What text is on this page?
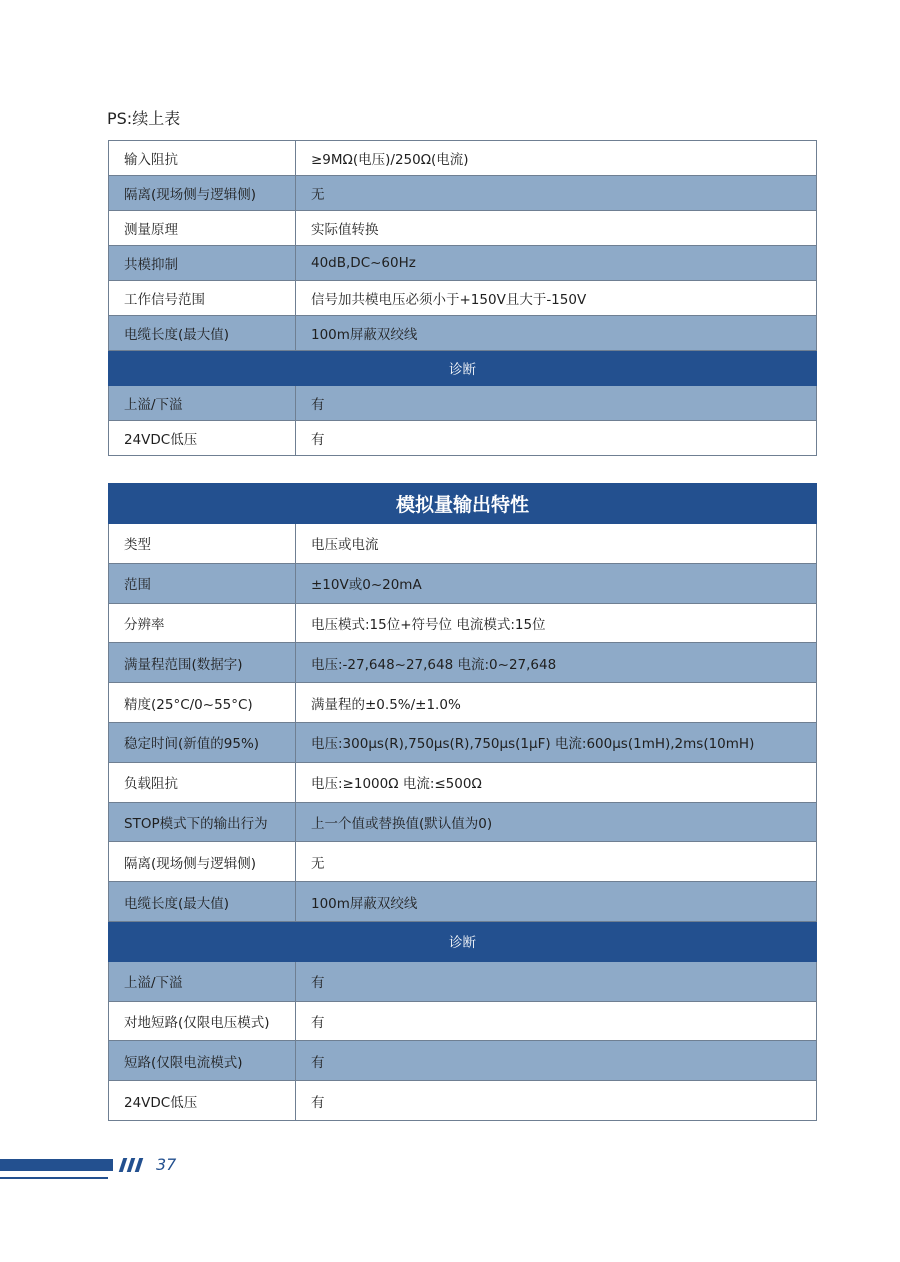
PS:续上表
输入阻抗	≥9MΩ(电压)/250Ω(电流)
隔离(现场侧与逻辑侧)	无
测量原理	实际值转换
共模抑制	40dB,DC~60Hz
工作信号范围	信号加共模电压必须小于+150V且大于-150V
电缆长度(最大值)	100m屏蔽双绞线
诊断	
上溢/下溢	有
24VDC低压	有
模拟量输出特性	
类型	电压或电流
范围	±10V或0~20mA
分辨率	电压模式:15位+符号位 电流模式:15位
满量程范围(数据字)	电压:-27,648~27,648 电流:0~27,648
精度(25°C/0~55°C)	满量程的±0.5%/±1.0%
稳定时间(新值的95%)	电压:300μs(R),750μs(R),750μs(1μF) 电流:600μs(1mH),2ms(10mH)
负载阻抗	电压:≥1000Ω 电流:≤500Ω
STOP模式下的输出行为	上一个值或替换值(默认值为0)
隔离(现场侧与逻辑侧)	无
电缆长度(最大值)	100m屏蔽双绞线
诊断	
上溢/下溢	有
对地短路(仅限电压模式)	有
短路(仅限电流模式)	有
24VDC低压	有
37
